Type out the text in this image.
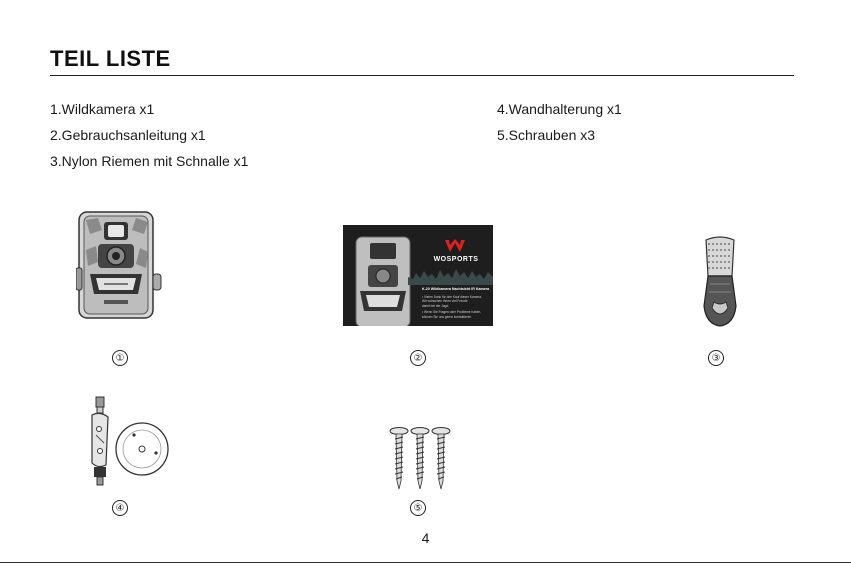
TEIL LISTE
1.Wildkamera x1
2.Gebrauchsanleitung x1
3.Nylon Riemen mit Schnalle x1
4.Wandhalterung x1
5.Schrauben x3
①
WOSPORTS
K-20 Wildkamera Nachtsicht IR Kamera
• Vielen Dank für den Kauf dieser Kamera,
Wir wünschen Ihnen viel Freude
damit bei der Jagd.
• Wenn Sie Fragen oder Probleme haben,
können Sie uns gerne kontaktieren
②	③
④	⑤
4
